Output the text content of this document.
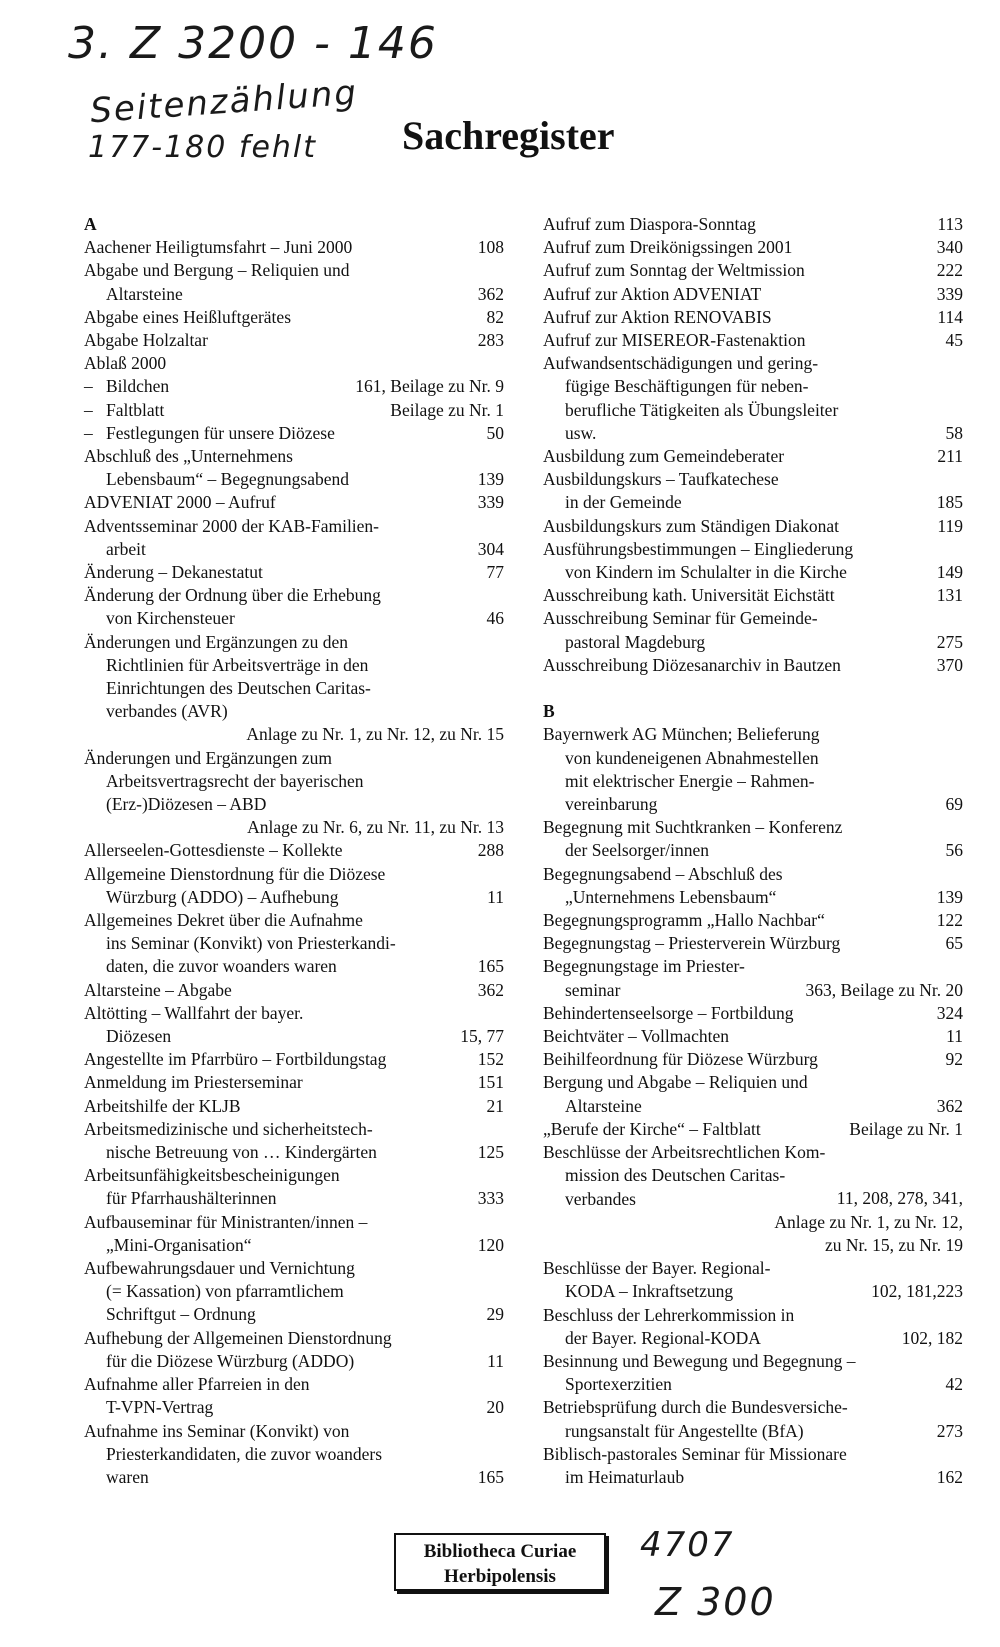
3. Z 3200 - 146
Seitenzählung
177-180 fehlt Sachregister
A
Aachener Heiligtumsfahrt – Juni 2000	108
Abgabe und Bergung – Reliquien und
Altarsteine	362
Abgabe eines Heißluftgerätes	82
Abgabe Holzaltar	283
Ablaß 2000
– Bildchen	161, Beilage zu Nr. 9
– Faltblatt	Beilage zu Nr. 1
– Festlegungen für unsere Diözese	50
Abschluß des „Unternehmens
Lebensbaum“ – Begegnungsabend	139
ADVENIAT 2000 – Aufruf	339
Adventsseminar 2000 der KAB-Familien-
arbeit	304
Änderung – Dekanestatut	77
Änderung der Ordnung über die Erhebung
von Kirchensteuer	46
Änderungen und Ergänzungen zu den
Richtlinien für Arbeitsverträge in den
Einrichtungen des Deutschen Caritas-
verbandes (AVR)
Anlage zu Nr. 1, zu Nr. 12, zu Nr. 15
Änderungen und Ergänzungen zum
Arbeitsvertragsrecht der bayerischen
(Erz-)Diözesen – ABD
Anlage zu Nr. 6, zu Nr. 11, zu Nr. 13
Allerseelen-Gottesdienste – Kollekte	288
Allgemeine Dienstordnung für die Diözese
Würzburg (ADDO) – Aufhebung	11
Allgemeines Dekret über die Aufnahme
ins Seminar (Konvikt) von Priesterkandi-
daten, die zuvor woanders waren	165
Altarsteine – Abgabe	362
Altötting – Wallfahrt der bayer.
Diözesen	15, 77
Angestellte im Pfarrbüro – Fortbildungstag	152
Anmeldung im Priesterseminar	151
Arbeitshilfe der KLJB	21
Arbeitsmedizinische und sicherheitstech-
nische Betreuung von … Kindergärten	125
Arbeitsunfähigkeitsbescheinigungen
für Pfarrhaushälterinnen	333
Aufbauseminar für Ministranten/innen –
„Mini-Organisation“	120
Aufbewahrungsdauer und Vernichtung
(= Kassation) von pfarramtlichem
Schriftgut – Ordnung	29
Aufhebung der Allgemeinen Dienstordnung
für die Diözese Würzburg (ADDO)	11
Aufnahme aller Pfarreien in den
T-VPN-Vertrag	20
Aufnahme ins Seminar (Konvikt) von
Priesterkandidaten, die zuvor woanders
waren	165
Aufruf zum Diaspora-Sonntag	113
Aufruf zum Dreikönigssingen 2001	340
Aufruf zum Sonntag der Weltmission	222
Aufruf zur Aktion ADVENIAT	339
Aufruf zur Aktion RENOVABIS	114
Aufruf zur MISEREOR-Fastenaktion	45
Aufwandsentschädigungen und gering-
fügige Beschäftigungen für neben-
berufliche Tätigkeiten als Übungsleiter
usw.	58
Ausbildung zum Gemeindeberater	211
Ausbildungskurs – Taufkatechese
in der Gemeinde	185
Ausbildungskurs zum Ständigen Diakonat	119
Ausführungsbestimmungen – Eingliederung
von Kindern im Schulalter in die Kirche	149
Ausschreibung kath. Universität Eichstätt	131
Ausschreibung Seminar für Gemeinde-
pastoral Magdeburg	275
Ausschreibung Diözesanarchiv in Bautzen	370
B
Bayernwerk AG München; Belieferung
von kundeneigenen Abnahmestellen
mit elektrischer Energie – Rahmen-
vereinbarung	69
Begegnung mit Suchtkranken – Konferenz
der Seelsorger/innen	56
Begegnungsabend – Abschluß des
„Unternehmens Lebensbaum“	139
Begegnungsprogramm „Hallo Nachbar“	122
Begegnungstag – Priesterverein Würzburg	65
Begegnungstage im Priester-
seminar	363, Beilage zu Nr. 20
Behindertenseelsorge – Fortbildung	324
Beichtväter – Vollmachten	11
Beihilfeordnung für Diözese Würzburg	92
Bergung und Abgabe – Reliquien und
Altarsteine	362
„Berufe der Kirche“ – Faltblatt	Beilage zu Nr. 1
Beschlüsse der Arbeitsrechtlichen Kom-
mission des Deutschen Caritas-
verbandes	11, 208, 278, 341,
Anlage zu Nr. 1, zu Nr. 12,
zu Nr. 15, zu Nr. 19
Beschlüsse der Bayer. Regional-
KODA – Inkraftsetzung	102, 181,223
Beschluss der Lehrerkommission in
der Bayer. Regional-KODA	102, 182
Besinnung und Bewegung und Begegnung –
Sportexerzitien	42
Betriebsprüfung durch die Bundesversiche-
rungsanstalt für Angestellte (BfA)	273
Biblisch-pastorales Seminar für Missionare
im Heimaturlaub	162
Bibliotheca Curiae
Herbipolensis
4707
Z 300
